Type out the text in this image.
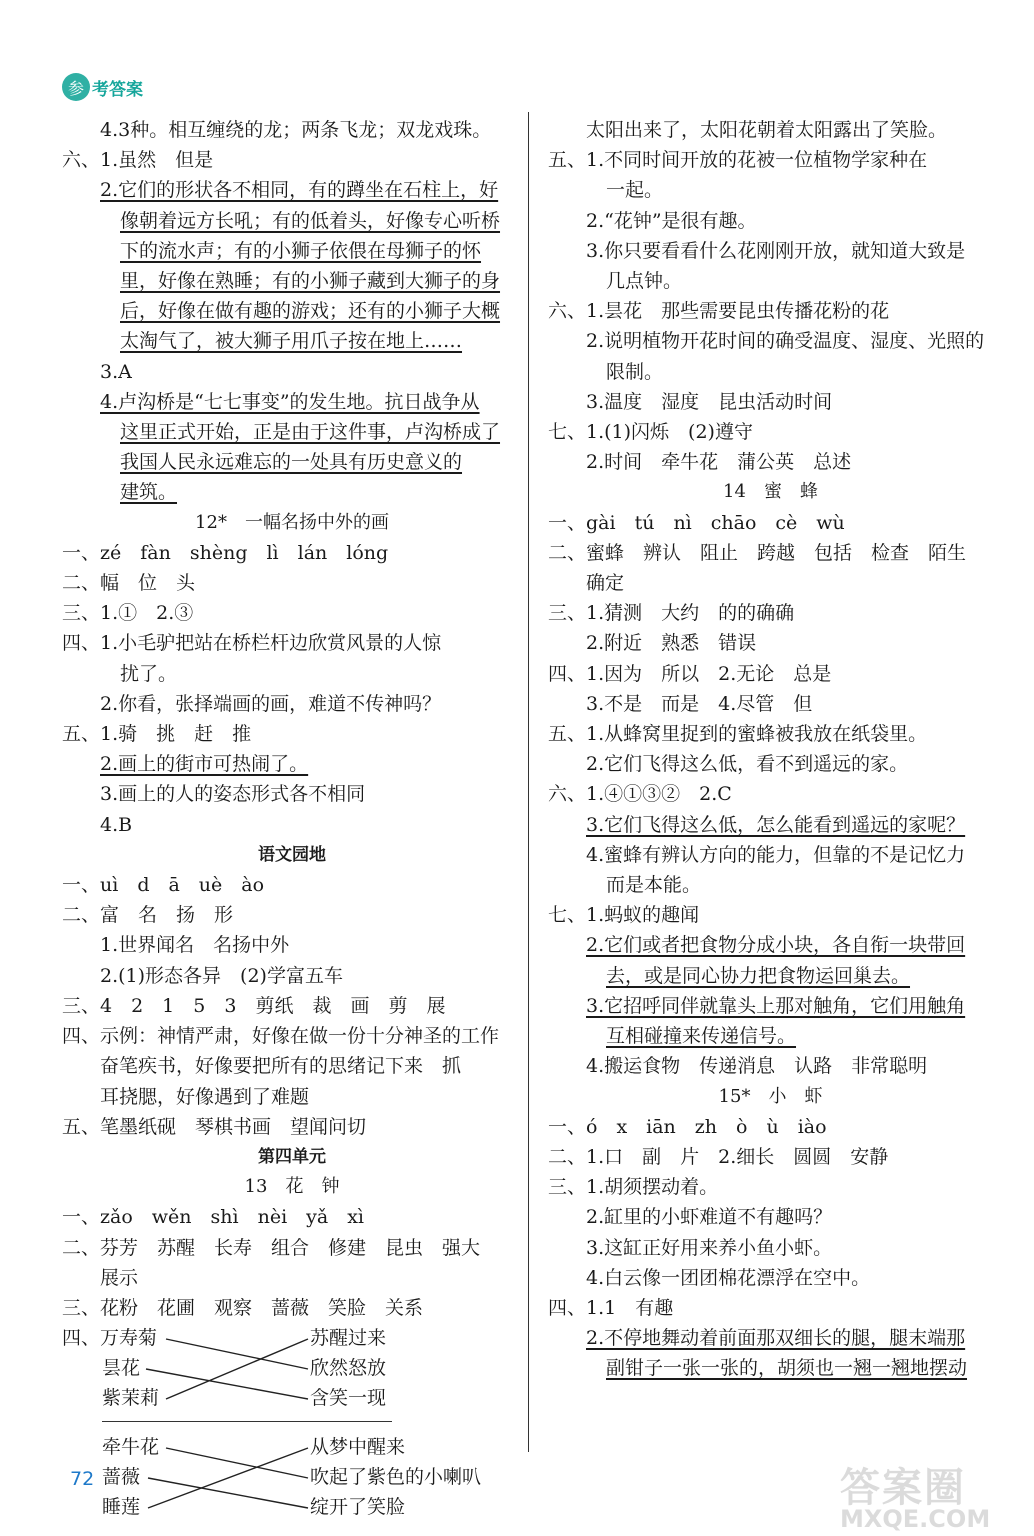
参 考答案
4.3种。相互缠绕的龙；两条飞龙；双龙戏珠。
六、1.虽然　但是
2.它们的形状各不相同，有的蹲坐在石柱上，好
像朝着远方长吼；有的低着头，好像专心听桥
下的流水声；有的小狮子依偎在母狮子的怀
里，好像在熟睡；有的小狮子藏到大狮子的身
后，好像在做有趣的游戏；还有的小狮子大概
太淘气了，被大狮子用爪子按在地上……
3.A
4.卢沟桥是“七七事变”的发生地。抗日战争从
这里正式开始，正是由于这件事，卢沟桥成了
我国人民永远难忘的一处具有历史意义的
建筑。
12*　一幅名扬中外的画
一、zé　fàn　shèng　lì　lán　lóng
二、幅　位　头
三、1.①　2.③
四、1.小毛驴把站在桥栏杆边欣赏风景的人惊
扰了。
2.你看，张择端画的画，难道不传神吗？
五、1.骑　挑　赶　推
2.画上的街市可热闹了。
3.画上的人的姿态形式各不相同
4.B
语文园地
一、uì　d　ā　uè　ào
二、富　名　扬　形
1.世界闻名　名扬中外
2.(1)形态各异　(2)学富五车
三、4　2　1　5　3　剪纸　裁　画　剪　展
四、示例：神情严肃，好像在做一份十分神圣的工作
奋笔疾书，好像要把所有的思绪记下来　抓
耳挠腮，好像遇到了难题
五、笔墨纸砚　琴棋书画　望闻问切
第四单元
13　花　钟
一、zǎo　wěn　shì　nèi　yǎ　xì
二、芬芳　苏醒　长寿　组合　修建　昆虫　强大
展示
三、花粉　花圃　观察　蔷薇　笑脸　关系
四、万寿菊
昙花
紫茉莉
苏醒过来
欣然怒放
含笑一现
牵牛花
蔷薇
睡莲
从梦中醒来
吹起了紫色的小喇叭
绽开了笑脸
太阳出来了，太阳花朝着太阳露出了笑脸。
五、1.不同时间开放的花被一位植物学家种在
一起。
2.“花钟”是很有趣。
3.你只要看看什么花刚刚开放，就知道大致是
几点钟。
六、1.昙花　那些需要昆虫传播花粉的花
2.说明植物开花时间的确受温度、湿度、光照的
限制。
3.温度　湿度　昆虫活动时间
七、1.(1)闪烁　(2)遵守
2.时间　牵牛花　蒲公英　总述
14　蜜　蜂
一、gài　tú　nì　chāo　cè　wù
二、蜜蜂　辨认　阻止　跨越　包括　检查　陌生
确定
三、1.猜测　大约　的的确确
2.附近　熟悉　错误
四、1.因为　所以　2.无论　总是
3.不是　而是　4.尽管　但
五、1.从蜂窝里捉到的蜜蜂被我放在纸袋里。
2.它们飞得这么低，看不到遥远的家。
六、1.④①③②　2.C
3.它们飞得这么低，怎么能看到遥远的家呢？
4.蜜蜂有辨认方向的能力，但靠的不是记忆力
而是本能。
七、1.蚂蚁的趣闻
2.它们或者把食物分成小块，各自衔一块带回
去，或是同心协力把食物运回巢去。
3.它招呼同伴就靠头上那对触角，它们用触角
互相碰撞来传递信号。
4.搬运食物　传递消息　认路　非常聪明
15*　小　虾
一、ó　x　iān　zh　ò　ù　iào
二、1.口　副　片　2.细长　圆圆　安静
三、1.胡须摆动着。
2.缸里的小虾难道不有趣吗？
3.这缸正好用来养小鱼小虾。
4.白云像一团团棉花漂浮在空中。
四、1.1　有趣
2.不停地舞动着前面那双细长的腿，腿末端那
副钳子一张一张的，胡须也一翘一翘地摆动
72	答案圈
MXQE.COM
